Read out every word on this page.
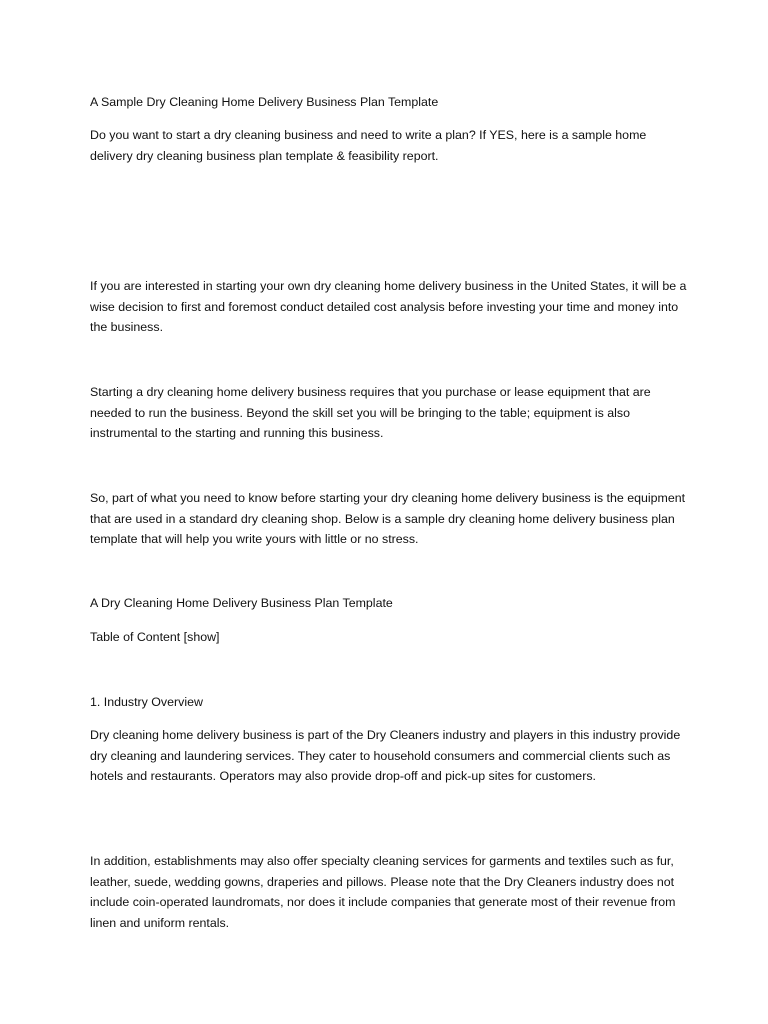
A Sample Dry Cleaning Home Delivery Business Plan Template

Do you want to start a dry cleaning business and need to write a plan? If YES, here is a sample home delivery dry cleaning business plan template & feasibility report.

If you are interested in starting your own dry cleaning home delivery business in the United States, it will be a wise decision to first and foremost conduct detailed cost analysis before investing your time and money into the business.

Starting a dry cleaning home delivery business requires that you purchase or lease equipment that are needed to run the business. Beyond the skill set you will be bringing to the table; equipment is also instrumental to the starting and running this business.

So, part of what you need to know before starting your dry cleaning home delivery business is the equipment that are used in a standard dry cleaning shop. Below is a sample dry cleaning home delivery business plan template that will help you write yours with little or no stress.

A Dry Cleaning Home Delivery Business Plan Template

Table of Content [show]

1. Industry Overview

Dry cleaning home delivery business is part of the Dry Cleaners industry and players in this industry provide dry cleaning and laundering services. They cater to household consumers and commercial clients such as hotels and restaurants. Operators may also provide drop-off and pick-up sites for customers.

In addition, establishments may also offer specialty cleaning services for garments and textiles such as fur, leather, suede, wedding gowns, draperies and pillows. Please note that the Dry Cleaners industry does not include coin-operated laundromats, nor does it include companies that generate most of their revenue from linen and uniform rentals.
